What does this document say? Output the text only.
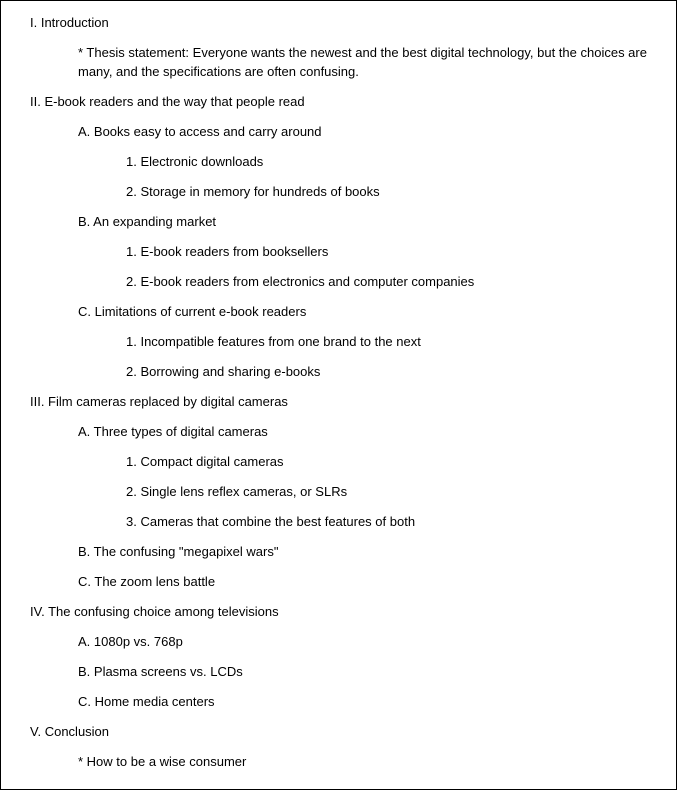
I. Introduction
* Thesis statement: Everyone wants the newest and the best digital technology, but the choices are many, and the specifications are often confusing.
II. E-book readers and the way that people read
A. Books easy to access and carry around
1. Electronic downloads
2. Storage in memory for hundreds of books
B. An expanding market
1. E-book readers from booksellers
2. E-book readers from electronics and computer companies
C. Limitations of current e-book readers
1. Incompatible features from one brand to the next
2. Borrowing and sharing e-books
III. Film cameras replaced by digital cameras
A. Three types of digital cameras
1. Compact digital cameras
2. Single lens reflex cameras, or SLRs
3. Cameras that combine the best features of both
B. The confusing "megapixel wars"
C. The zoom lens battle
IV. The confusing choice among televisions
A. 1080p vs. 768p
B. Plasma screens vs. LCDs
C. Home media centers
V. Conclusion
* How to be a wise consumer
